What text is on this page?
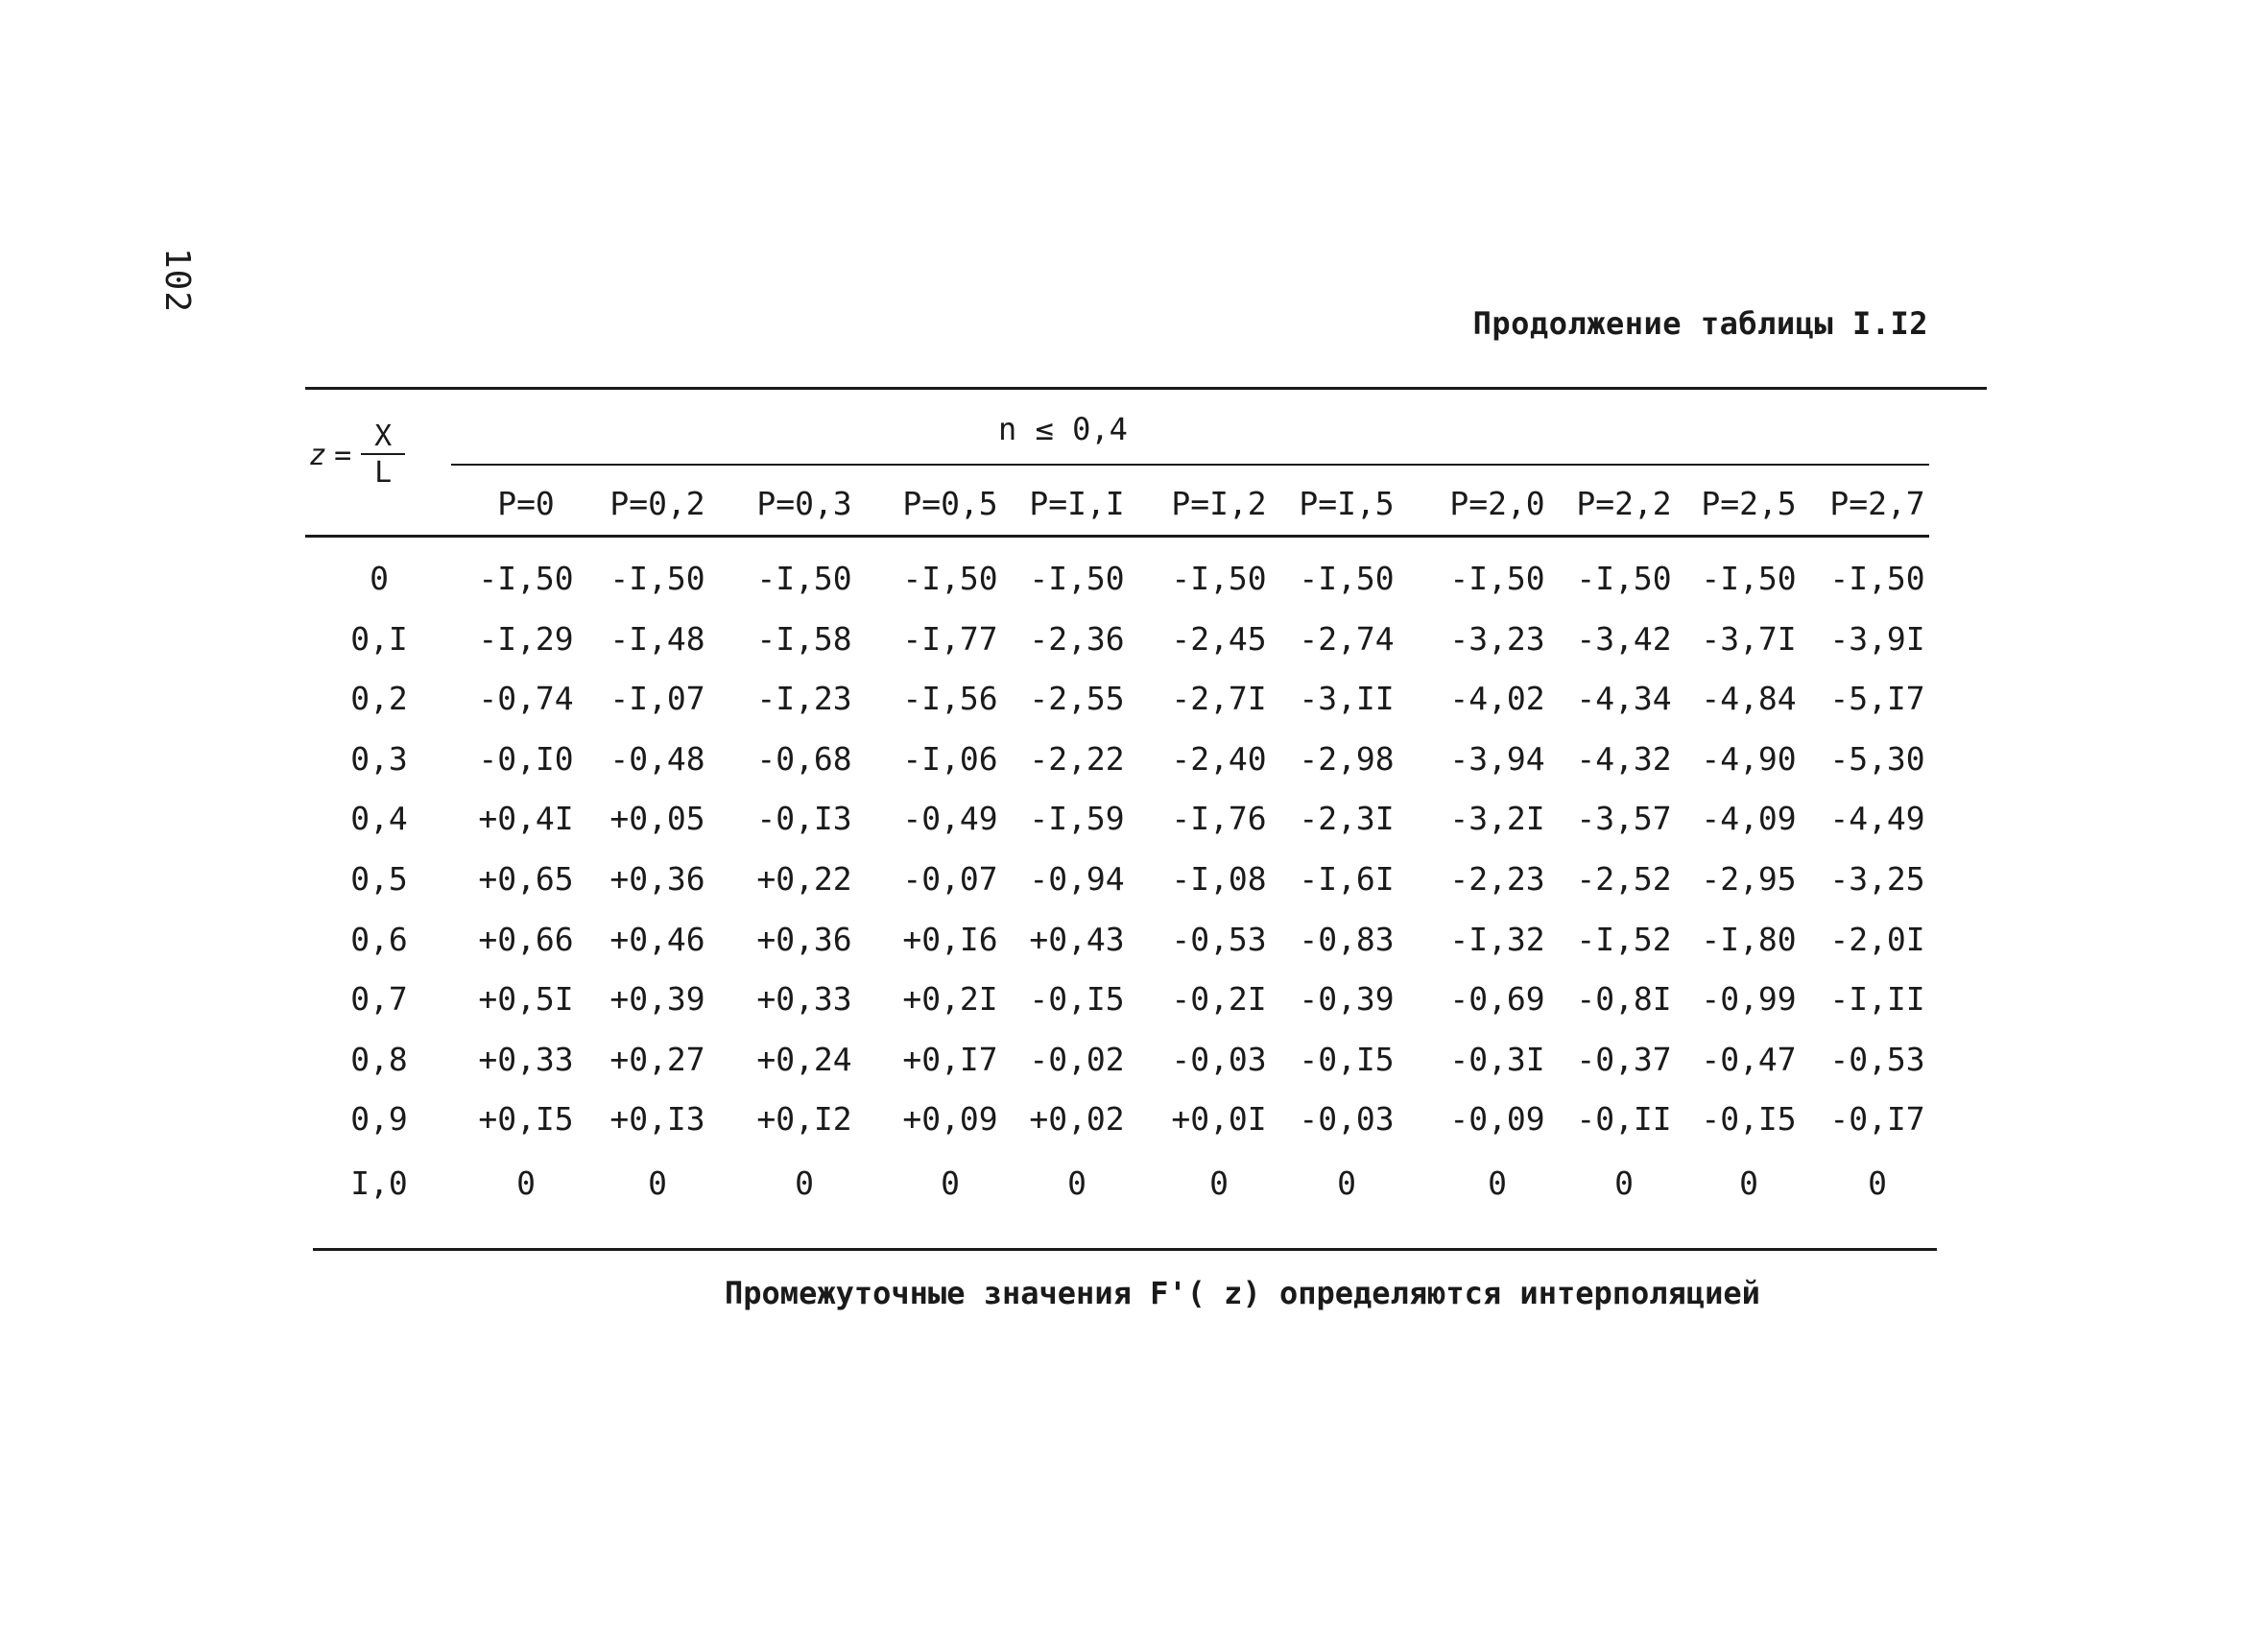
102
Продолжение таблицы I.I2
$z = \frac{X}{L}$	n ≤ 0,4
P=0 P=0,2 P=0,3 P=0,5 P=I,I P=I,2 P=I,5 P=2,0 P=2,2 P=2,5 P=2,7
0	-I,50 -I,50 -I,50 -I,50 -I,50 -I,50 -I,50 -I,50 -I,50 -I,50 -I,50
0,I -I,29 -I,48 -I,58 -I,77 -2,36 -2,45 -2,74 -3,23 -3,42 -3,7I -3,9I
0,2 -0,74 -I,07 -I,23 -I,56 -2,55 -2,7I -3,II -4,02 -4,34 -4,84 -5,I7
0,3 -0,I0 -0,48 -0,68 -I,06 -2,22 -2,40 -2,98 -3,94 -4,32 -4,90 -5,30
0,4 +0,4I +0,05 -0,I3 -0,49 -I,59 -I,76 -2,3I -3,2I -3,57 -4,09 -4,49
0,5 +0,65 +0,36 +0,22 -0,07 -0,94 -I,08 -I,6I -2,23 -2,52 -2,95 -3,25
0,6 +0,66 +0,46 +0,36 +0,I6 +0,43 -0,53 -0,83 -I,32 -I,52 -I,80 -2,0I
0,7 +0,5I +0,39 +0,33 +0,2I -0,I5 -0,2I -0,39 -0,69 -0,8I -0,99 -I,II
0,8 +0,33 +0,27 +0,24 +0,I7 -0,02 -0,03 -0,I5 -0,3I -0,37 -0,47 -0,53
0,9 +0,I5 +0,I3 +0,I2 +0,09 +0,02 +0,0I -0,03 -0,09 -0,II -0,I5 -0,I7
I,0	0	0	0	0	0	0	0	0	0	0	0
Промежуточные значения F'( z) определяются интерполяцией
